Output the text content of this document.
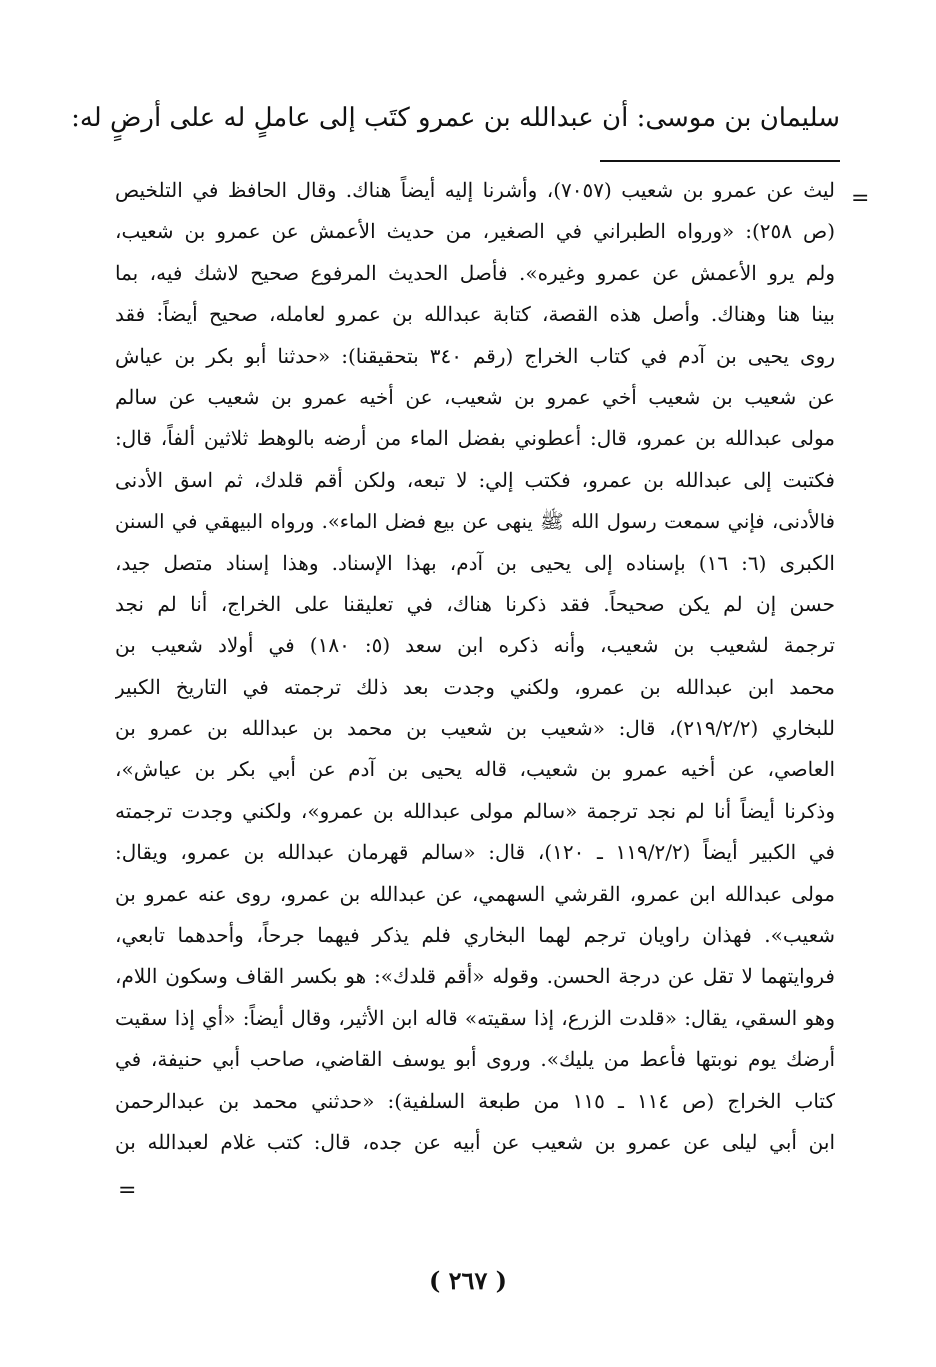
سليمان بن موسى: أن عبدالله بن عمرو كتَب إلى عاملٍ له على أرضٍ له:
=
ليث عن عمرو بن شعيب (٧٠٥٧)، وأشرنا إليه أيضاً هناك. وقال الحافظ في التلخيص
(ص ٢٥٨): «ورواه الطبراني في الصغير، من حديث الأعمش عن عمرو بن شعيب،
ولم يرو الأعمش عن عمرو وغيره». فأصل الحديث المرفوع صحيح لاشك فيه، بما
بينا هنا وهناك. وأصل هذه القصة، كتابة عبدالله بن عمرو لعامله، صحيح أيضاً: فقد
روى يحيى بن آدم في كتاب الخراج (رقم ٣٤٠ بتحقيقنا): «حدثنا أبو بكر بن عياش
عن شعيب بن شعيب أخي عمرو بن شعيب، عن أخيه عمرو بن شعيب عن سالم
مولى عبدالله بن عمرو، قال: أعطوني بفضل الماء من أرضه بالوهط ثلاثين ألفاً، قال:
فكتبت إلى عبدالله بن عمرو، فكتب إلي: لا تبعه، ولكن أقم قلدك، ثم اسق الأدنى
فالأدنى، فإني سمعت رسول الله ﷺ ينهى عن بيع فضل الماء». ورواه البيهقي في السنن
الكبرى (٦: ١٦) بإسناده إلى يحيى بن آدم، بهذا الإسناد. وهذا إسناد متصل جيد،
حسن إن لم يكن صحيحاً. فقد ذكرنا هناك، في تعليقنا على الخراج، أنا لم نجد
ترجمة لشعيب بن شعيب، وأنه ذكره ابن سعد (٥: ١٨٠) في أولاد شعيب بن
محمد ابن عبدالله بن عمرو، ولكني وجدت بعد ذلك ترجمته في التاريخ الكبير
للبخاري (٢١٩/٢/٢)، قال: «شعيب بن شعيب بن محمد بن عبدالله بن عمرو بن
العاصي، عن أخيه عمرو بن شعيب، قاله يحيى بن آدم عن أبي بكر بن عياش»،
وذكرنا أيضاً أنا لم نجد ترجمة «سالم مولى عبدالله بن عمرو»، ولكني وجدت ترجمته
في الكبير أيضاً (١١٩/٢/٢ ـ ١٢٠)، قال: «سالم قهرمان عبدالله بن عمرو، ويقال:
مولى عبدالله ابن عمرو، القرشي السهمي، عن عبدالله بن عمرو، روى عنه عمرو بن
شعيب». فهذان راويان ترجم لهما البخاري فلم يذكر فيهما جرحاً، وأحدهما تابعي،
فروايتهما لا تقل عن درجة الحسن. وقوله «أقم قلدك»: هو بكسر القاف وسكون اللام،
وهو السقي، يقال: «قلدت الزرع، إذا سقيته» قاله ابن الأثير، وقال أيضاً: «أي إذا سقيت
أرضك يوم نوبتها فأعط من يليك». وروى أبو يوسف القاضي، صاحب أبي حنيفة، في
كتاب الخراج (ص ١١٤ ـ ١١٥ من طبعة السلفية): «حدثني محمد بن عبدالرحمن
ابن أبي ليلى عن عمرو بن شعيب عن أبيه عن جده، قال: كتب غلام لعبدالله بن
=
( ٢٦٧ )
